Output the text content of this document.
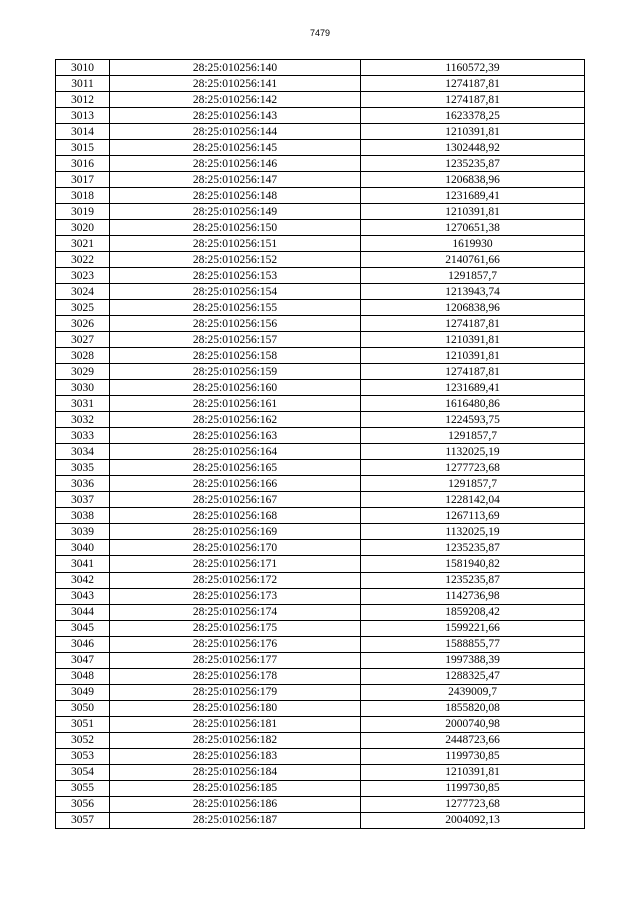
7479
3010	28:25:010256:140	1160572,39
3011	28:25:010256:141	1274187,81
3012	28:25:010256:142	1274187,81
3013	28:25:010256:143	1623378,25
3014	28:25:010256:144	1210391,81
3015	28:25:010256:145	1302448,92
3016	28:25:010256:146	1235235,87
3017	28:25:010256:147	1206838,96
3018	28:25:010256:148	1231689,41
3019	28:25:010256:149	1210391,81
3020	28:25:010256:150	1270651,38
3021	28:25:010256:151	1619930
3022	28:25:010256:152	2140761,66
3023	28:25:010256:153	1291857,7
3024	28:25:010256:154	1213943,74
3025	28:25:010256:155	1206838,96
3026	28:25:010256:156	1274187,81
3027	28:25:010256:157	1210391,81
3028	28:25:010256:158	1210391,81
3029	28:25:010256:159	1274187,81
3030	28:25:010256:160	1231689,41
3031	28:25:010256:161	1616480,86
3032	28:25:010256:162	1224593,75
3033	28:25:010256:163	1291857,7
3034	28:25:010256:164	1132025,19
3035	28:25:010256:165	1277723,68
3036	28:25:010256:166	1291857,7
3037	28:25:010256:167	1228142,04
3038	28:25:010256:168	1267113,69
3039	28:25:010256:169	1132025,19
3040	28:25:010256:170	1235235,87
3041	28:25:010256:171	1581940,82
3042	28:25:010256:172	1235235,87
3043	28:25:010256:173	1142736,98
3044	28:25:010256:174	1859208,42
3045	28:25:010256:175	1599221,66
3046	28:25:010256:176	1588855,77
3047	28:25:010256:177	1997388,39
3048	28:25:010256:178	1288325,47
3049	28:25:010256:179	2439009,7
3050	28:25:010256:180	1855820,08
3051	28:25:010256:181	2000740,98
3052	28:25:010256:182	2448723,66
3053	28:25:010256:183	1199730,85
3054	28:25:010256:184	1210391,81
3055	28:25:010256:185	1199730,85
3056	28:25:010256:186	1277723,68
3057	28:25:010256:187	2004092,13
